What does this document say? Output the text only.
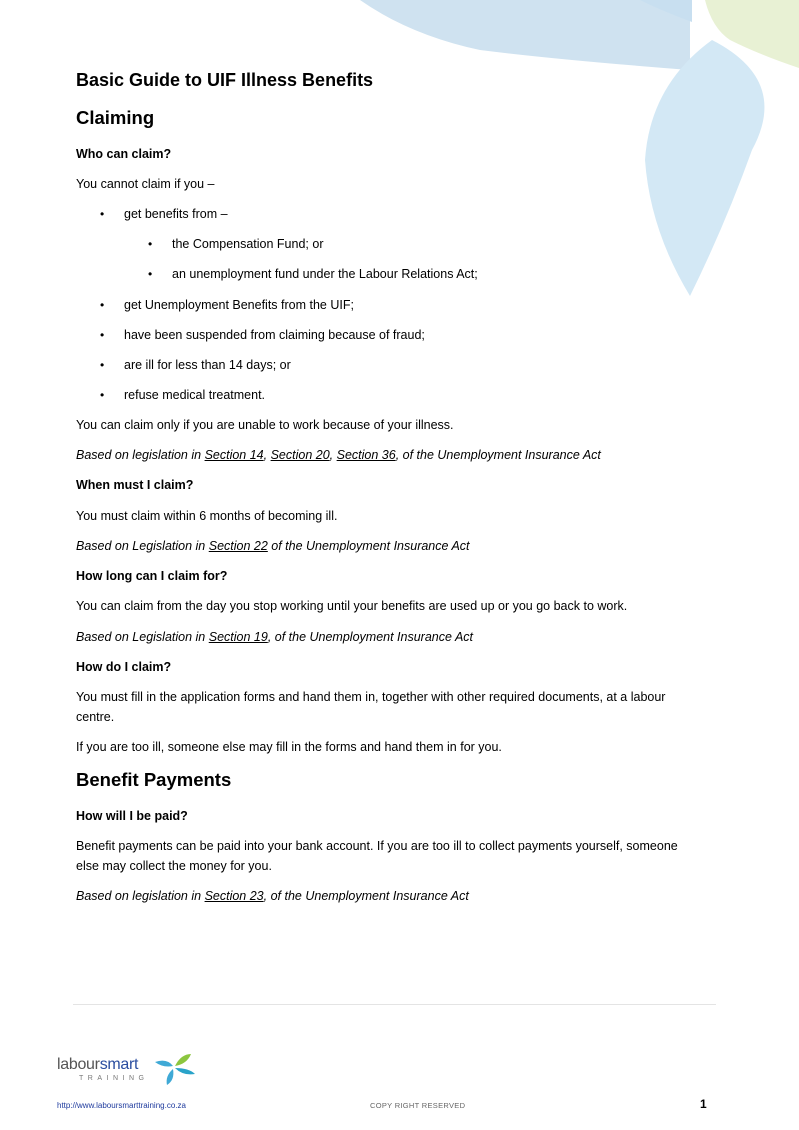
Basic Guide to UIF Illness Benefits
Claiming
Who can claim?
You cannot claim if you –
• get benefits from –
• the Compensation Fund; or
• an unemployment fund under the Labour Relations Act;
• get Unemployment Benefits from the UIF;
• have been suspended from claiming because of fraud;
• are ill for less than 14 days; or
• refuse medical treatment.
You can claim only if you are unable to work because of your illness.
Based on legislation in Section 14, Section 20, Section 36, of the Unemployment Insurance Act
When must I claim?
You must claim within 6 months of becoming ill.
Based on Legislation in Section 22 of the Unemployment Insurance Act
How long can I claim for?
You can claim from the day you stop working until your benefits are used up or you go back to work.
Based on Legislation in Section 19, of the Unemployment Insurance Act
How do I claim?
You must fill in the application forms and hand them in, together with other required documents, at a labour centre.
If you are too ill, someone else may fill in the forms and hand them in for you.
Benefit Payments
How will I be paid?
Benefit payments can be paid into your bank account. If you are too ill to collect payments yourself, someone else may collect the money for you.
Based on legislation in Section 23, of the Unemployment Insurance Act
laboursmart
TRAINING
http://www.laboursmarttraining.co.za	COPY RIGHT RESERVED	1
